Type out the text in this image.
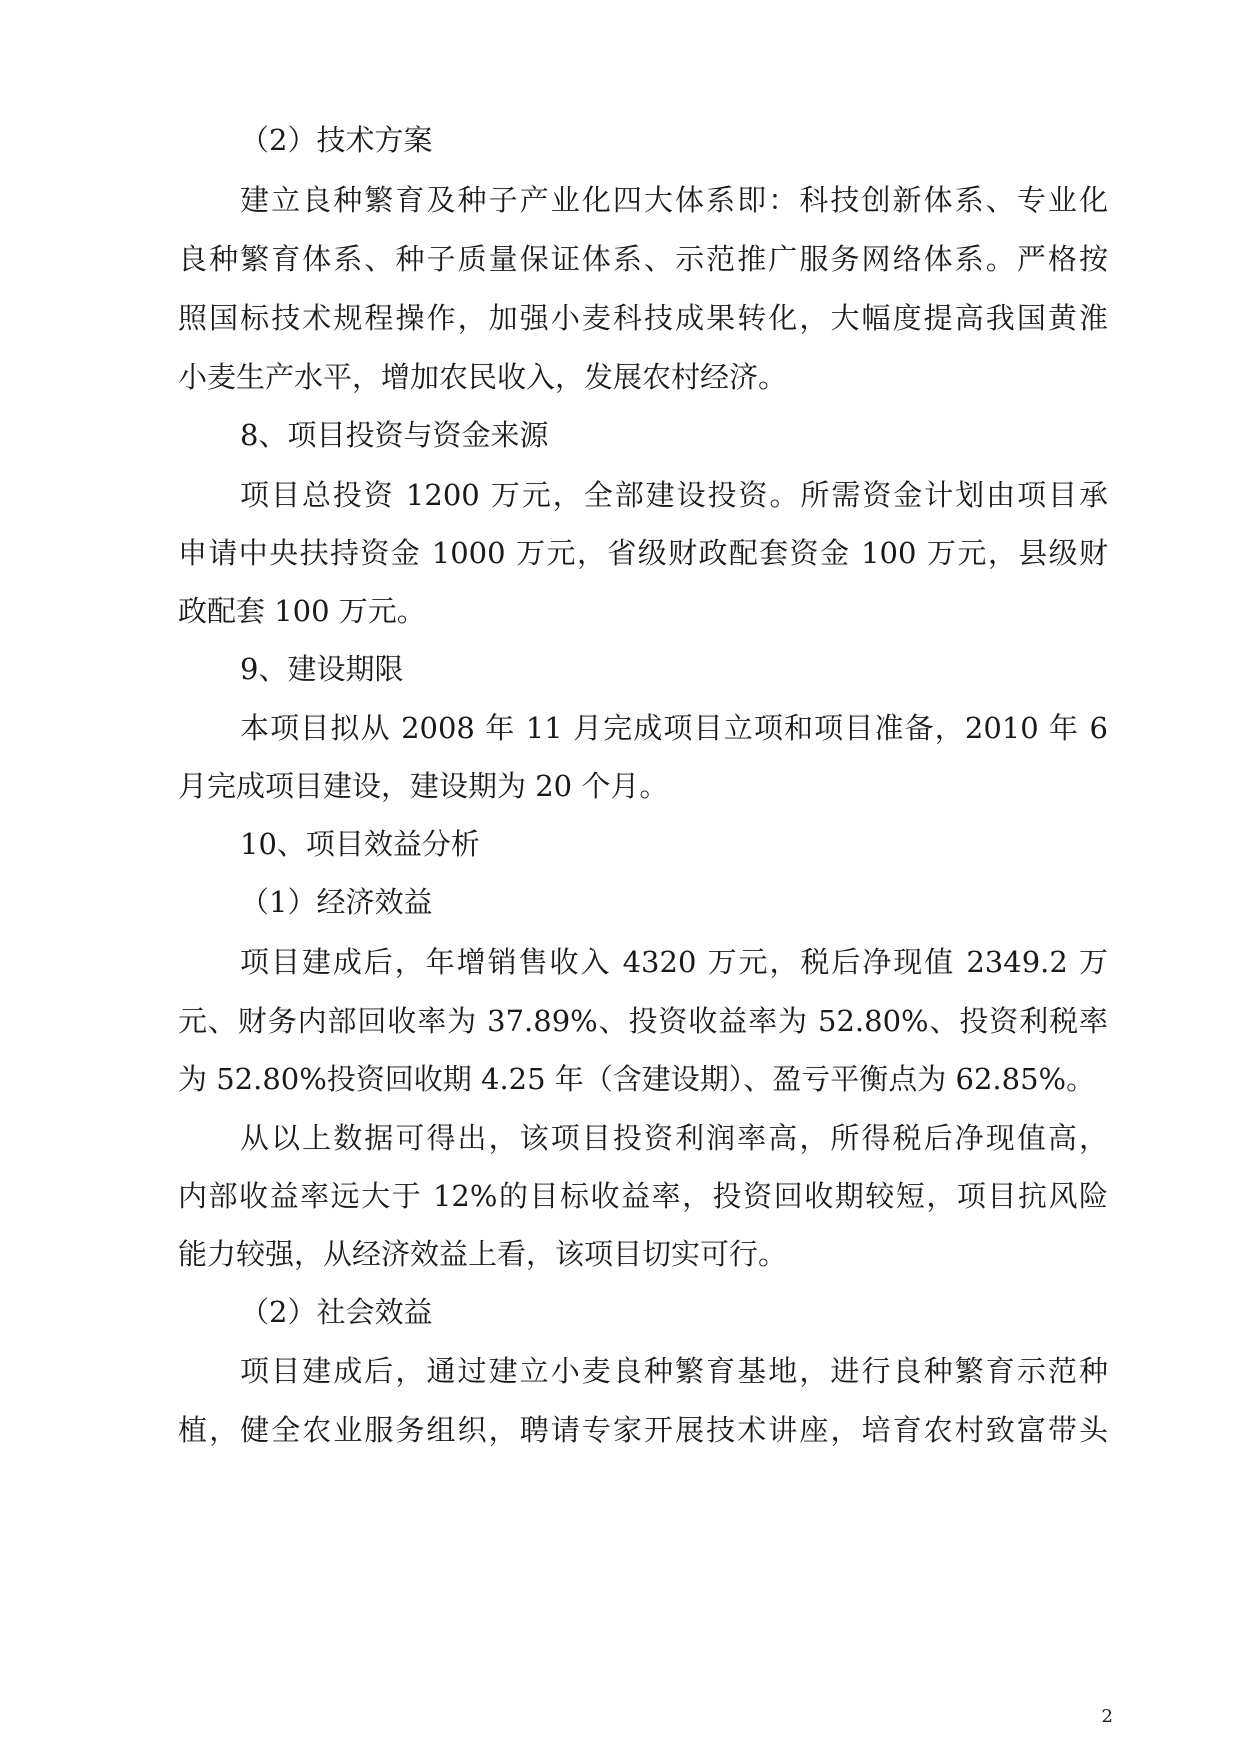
（2）技术方案
建立良种繁育及种子产业化四大体系即：科技创新体系、专业化
良种繁育体系、种子质量保证体系、示范推广服务网络体系。严格按
照国标技术规程操作，加强小麦科技成果转化，大幅度提高我国黄淮
小麦生产水平，增加农民收入，发展农村经济。
8、项目投资与资金来源
项目总投资 1200 万元，全部建设投资。所需资金计划由项目承
申请中央扶持资金 1000 万元，省级财政配套资金 100 万元，县级财
政配套 100 万元。
9、建设期限
本项目拟从 2008 年 11 月完成项目立项和项目准备，2010 年 6
月完成项目建设，建设期为 20 个月。
10、项目效益分析
（1）经济效益
项目建成后，年增销售收入 4320 万元，税后净现值 2349.2 万
元、财务内部回收率为 37.89%、投资收益率为 52.80%、投资利税率
为 52.80%投资回收期 4.25 年（含建设期）、盈亏平衡点为 62.85%。
从以上数据可得出，该项目投资利润率高，所得税后净现值高，
内部收益率远大于 12%的目标收益率，投资回收期较短，项目抗风险
能力较强，从经济效益上看，该项目切实可行。
（2）社会效益
项目建成后，通过建立小麦良种繁育基地，进行良种繁育示范种
植，健全农业服务组织，聘请专家开展技术讲座，培育农村致富带头
2
